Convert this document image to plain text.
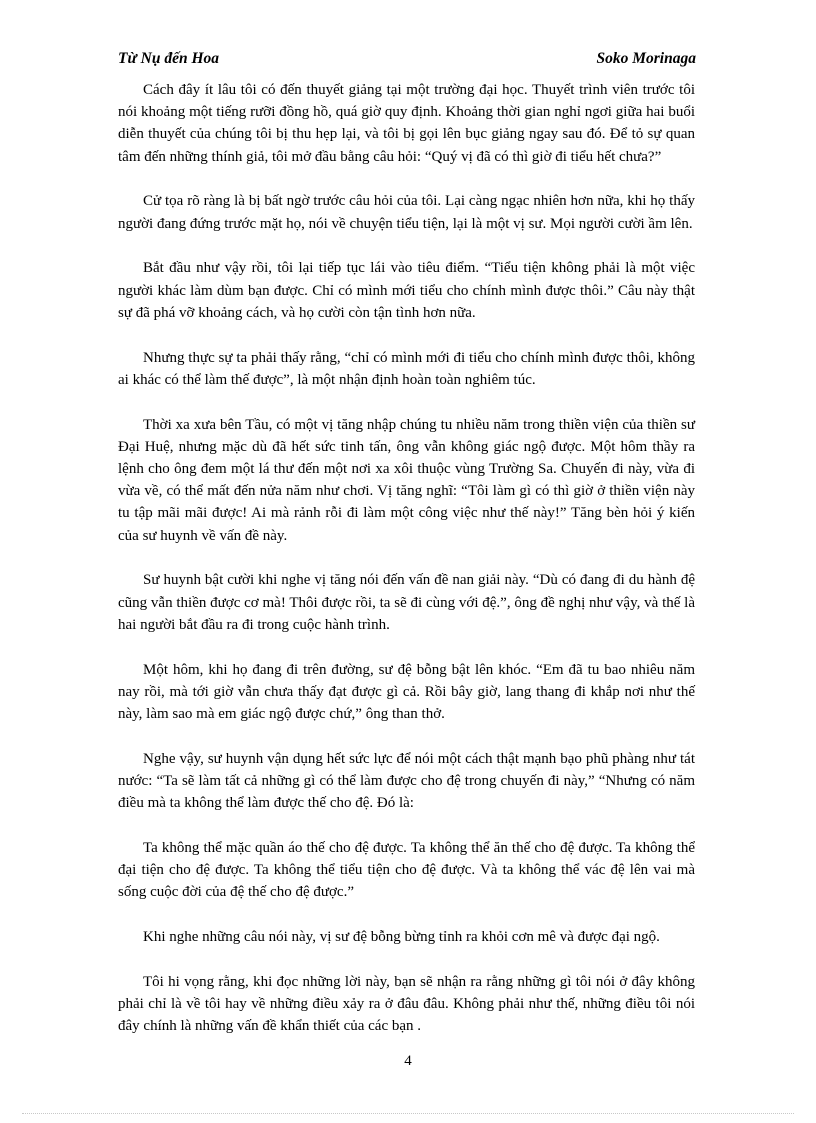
Từ Nụ đến Hoa	Soko Morinaga

Cách đây ít lâu tôi có đến thuyết giảng tại một trường đại học. Thuyết trình viên trước tôi nói khoảng một tiếng rưỡi đồng hồ, quá giờ quy định. Khoảng thời gian nghỉ ngơi giữa hai buổi diễn thuyết của chúng tôi bị thu hẹp lại, và tôi bị gọi lên bục giảng ngay sau đó. Để tỏ sự quan tâm đến những thính giả, tôi mở đầu bằng câu hỏi: “Quý vị đã có thì giờ đi tiểu hết chưa?”

Cử tọa rõ ràng là bị bất ngờ trước câu hỏi của tôi. Lại càng ngạc nhiên hơn nữa, khi họ thấy người đang đứng trước mặt họ, nói về chuyện tiểu tiện, lại là một vị sư. Mọi người cười ầm lên.

Bắt đầu như vậy rồi, tôi lại tiếp tục lái vào tiêu điểm. “Tiểu tiện không phải là một việc người khác làm dùm bạn được. Chỉ có mình mới tiểu cho chính mình được thôi.” Câu này thật sự đã phá vỡ khoảng cách, và họ cười còn tận tình hơn nữa.

Nhưng thực sự ta phải thấy rằng, “chỉ có mình mới đi tiểu cho chính mình được thôi, không ai khác có thể làm thế được”, là một nhận định hoàn toàn nghiêm túc.

Thời xa xưa bên Tầu, có một vị tăng nhập chúng tu nhiều năm trong thiền viện của thiền sư Đại Huệ, nhưng mặc dù đã hết sức tinh tấn, ông vẫn không giác ngộ được. Một hôm thầy ra lệnh cho ông đem một lá thư đến một nơi xa xôi thuộc vùng Trường Sa. Chuyến đi này, vừa đi vừa về, có thể mất đến nửa năm như chơi. Vị tăng nghĩ: “Tôi làm gì có thì giờ ở thiền viện này tu tập mãi mãi được! Ai mà rảnh rỗi đi làm một công việc như thế này!” Tăng bèn hỏi ý kiến của sư huynh về vấn đề này.

Sư huynh bật cười khi nghe vị tăng nói đến vấn đề nan giải này. “Dù có đang đi du hành đệ cũng vẫn thiền được cơ mà! Thôi được rồi, ta sẽ đi cùng với đệ.”, ông đề nghị như vậy, và thế là hai người bắt đầu ra đi trong cuộc hành trình.

Một hôm, khi họ đang đi trên đường, sư đệ bỗng bật lên khóc. “Em đã tu bao nhiêu năm nay rồi, mà tới giờ vẫn chưa thấy đạt được gì cả. Rồi bây giờ, lang thang đi khắp nơi như thế này, làm sao mà em giác ngộ được chứ,” ông than thở.

Nghe vậy, sư huynh vận dụng hết sức lực để nói một cách thật mạnh bạo phũ phàng như tát nước: “Ta sẽ làm tất cả những gì có thể làm được cho đệ trong chuyến đi này,” “Nhưng có năm điều mà ta không thể làm được thế cho đệ. Đó là:

Ta không thể mặc quần áo thế cho đệ được. Ta không thể ăn thế cho đệ được. Ta không thể đại tiện cho đệ được. Ta không thể tiểu tiện cho đệ được. Và ta không thể vác đệ lên vai mà sống cuộc đời của đệ thế cho đệ được.”

Khi nghe những câu nói này, vị sư đệ bỗng bừng tỉnh ra khỏi cơn mê và được đại ngộ.

Tôi hi vọng rằng, khi đọc những lời này, bạn sẽ nhận ra rằng những gì tôi nói ở đây không phải chỉ là về tôi hay về những điều xảy ra ở đâu đâu. Không phải như thế, những điều tôi nói đây chính là những vấn đề khẩn thiết của các bạn .

4
